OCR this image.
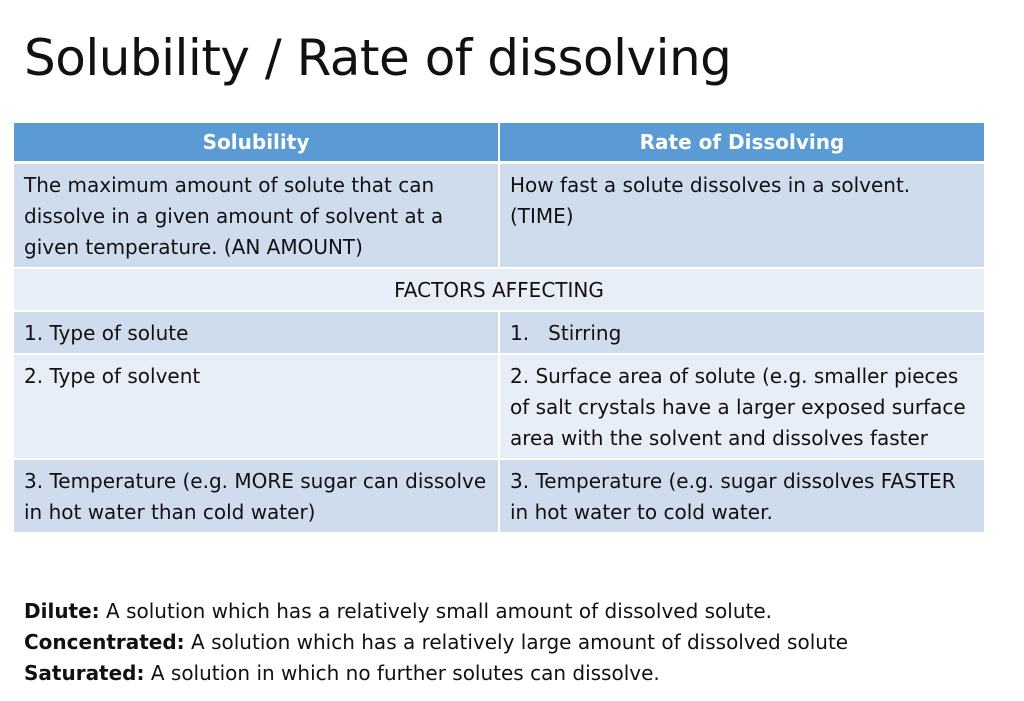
Solubility / Rate of dissolving
Solubility	Rate of Dissolving
The maximum amount of solute that can dissolve in a given amount of solvent at a given temperature. (AN AMOUNT)	How fast a solute dissolves in a solvent. (TIME)
FACTORS AFFECTING	
1. Type of solute	1.   Stirring
2. Type of solvent	2. Surface area of solute (e.g. smaller pieces of salt crystals have a larger exposed surface area with the solvent and dissolves faster
3. Temperature (e.g. MORE sugar can dissolve in hot water than cold water)	3. Temperature (e.g. sugar dissolves FASTER in hot water to cold water.
Dilute: A solution which has a relatively small amount of dissolved solute.
Concentrated: A solution which has a relatively large amount of dissolved solute
Saturated: A solution in which no further solutes can dissolve.
